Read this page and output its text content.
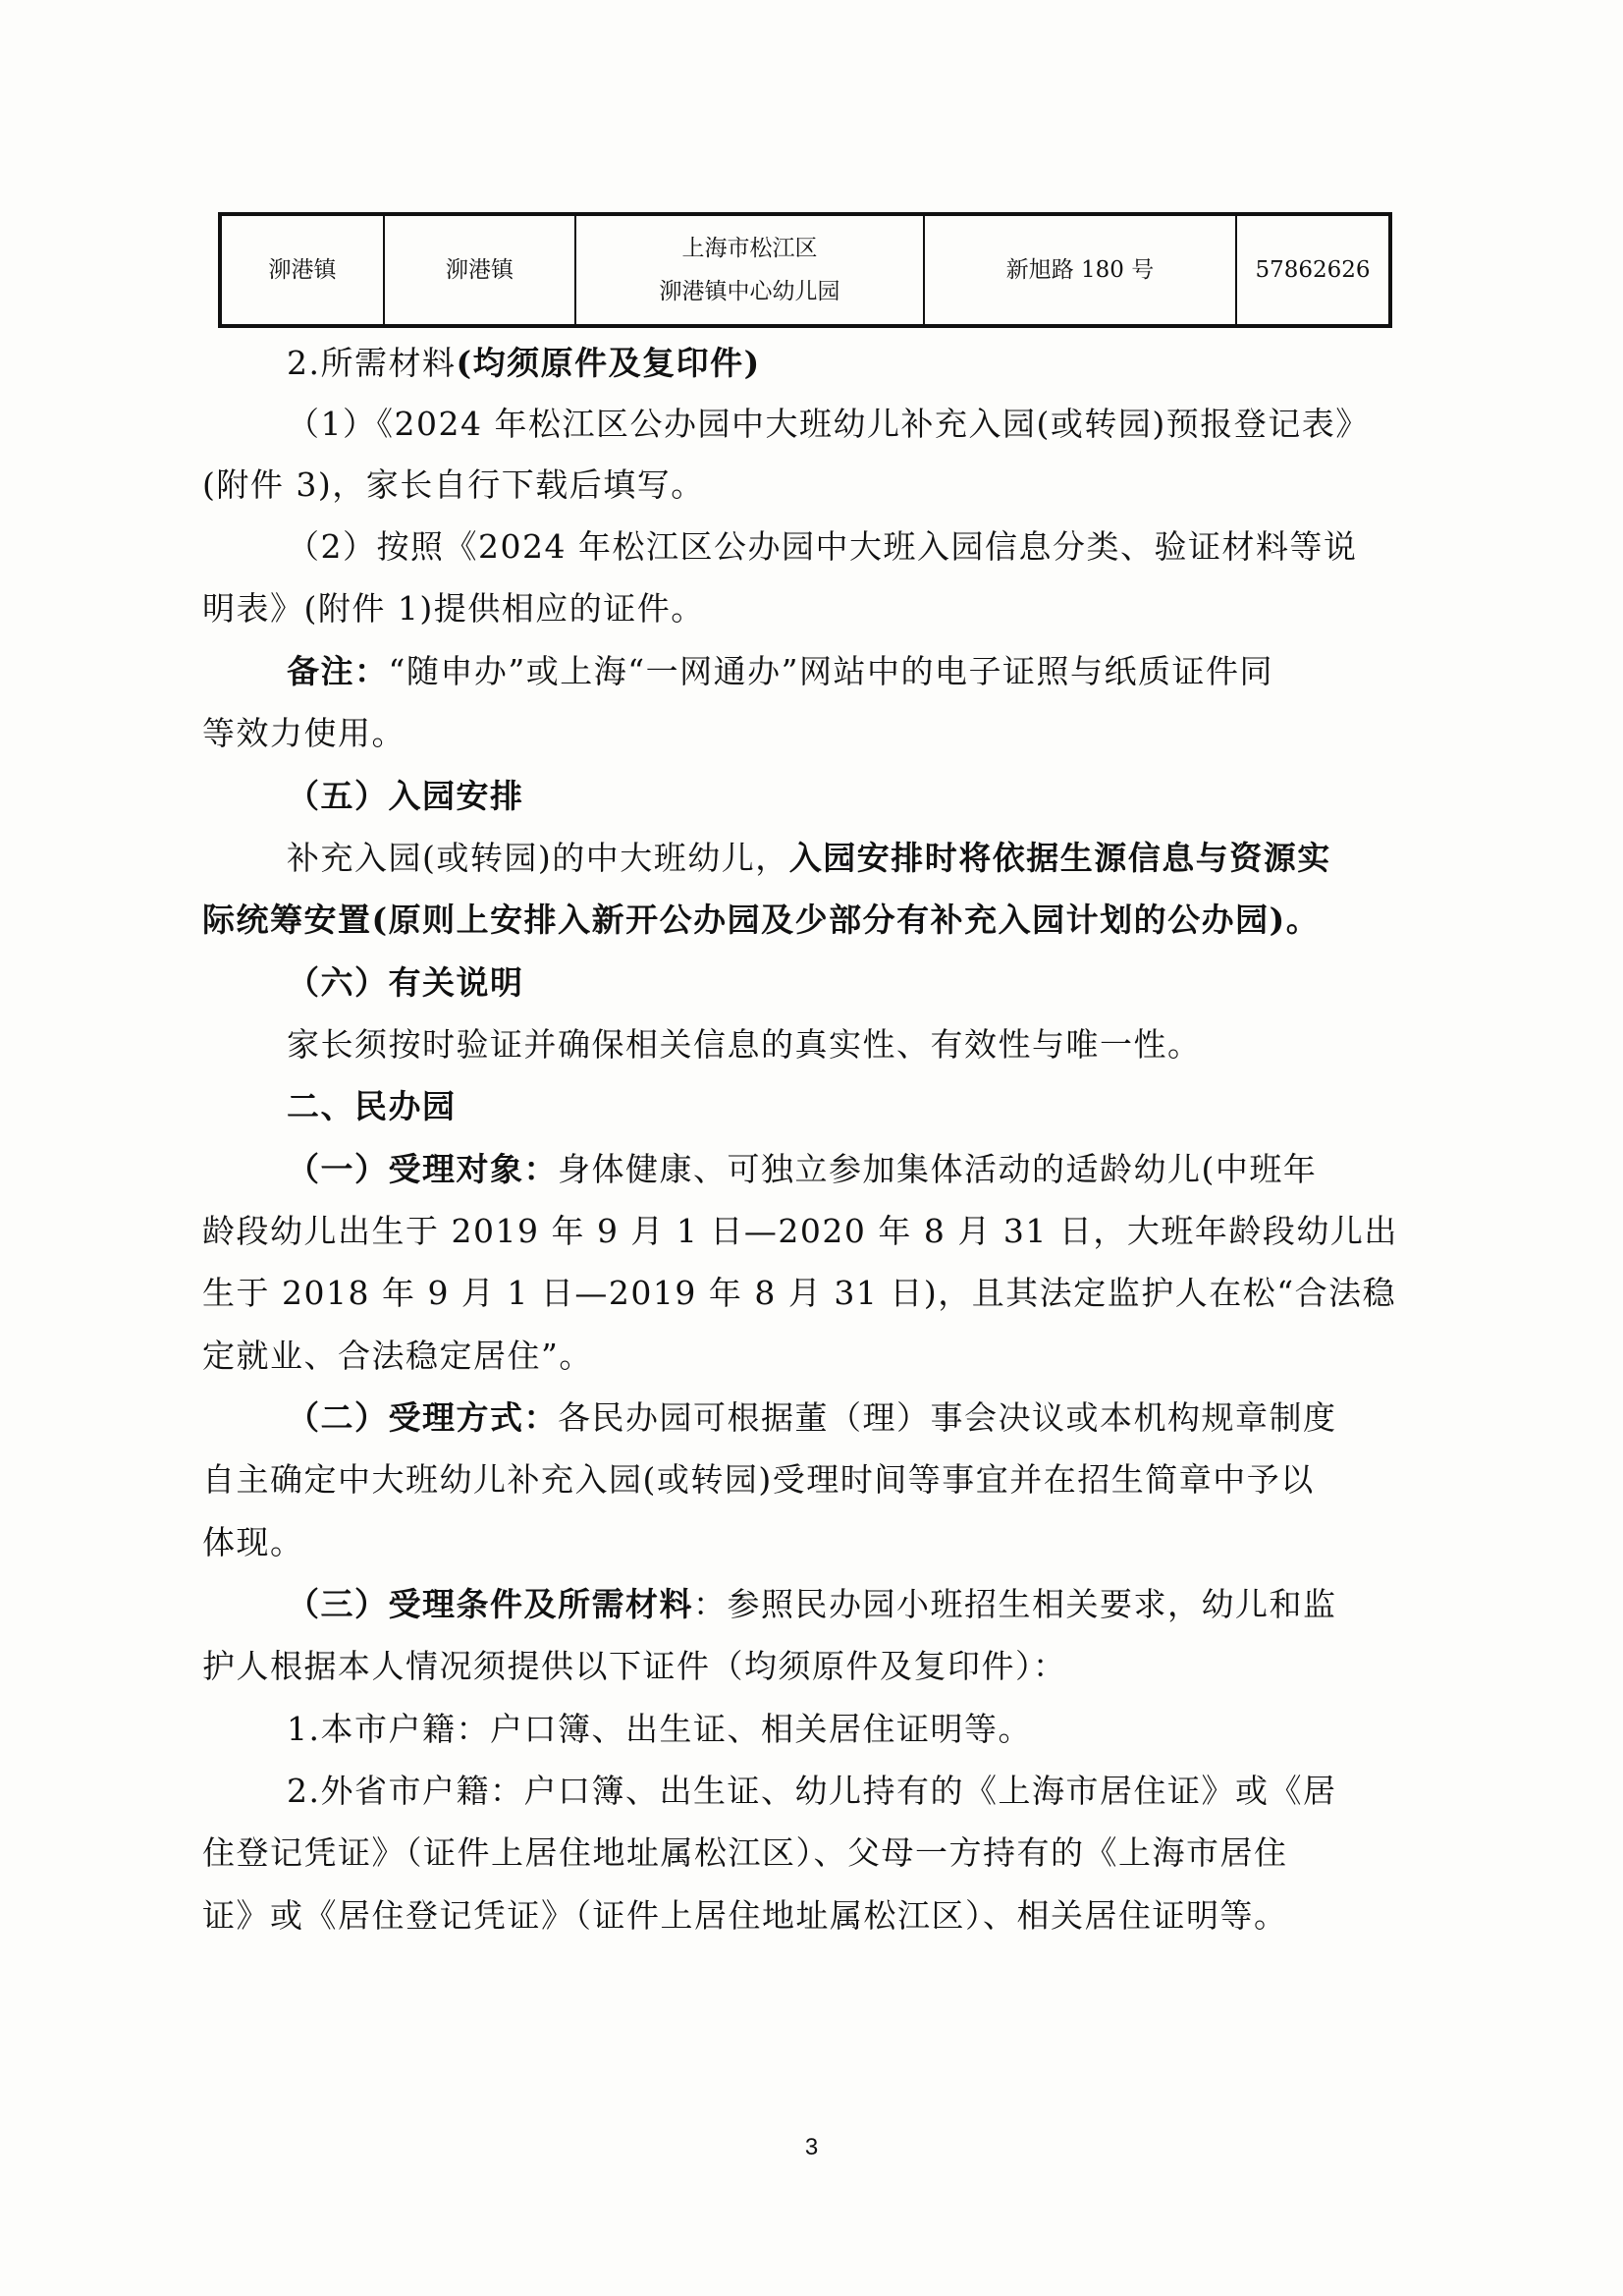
泖港镇	泖港镇
上海市松江区
泖港镇中心幼儿园
新旭路 180 号	57862626
2.所需材料(均须原件及复印件)
（1）《2024 年松江区公办园中大班幼儿补充入园(或转园)预报登记表》
(附件 3)，家长自行下载后填写。
（2）按照《2024 年松江区公办园中大班入园信息分类、验证材料等说
明表》(附件 1)提供相应的证件。
备注：“随申办”或上海“一网通办”网站中的电子证照与纸质证件同
等效力使用。
（五）入园安排
补充入园(或转园)的中大班幼儿，入园安排时将依据生源信息与资源实
际统筹安置(原则上安排入新开公办园及少部分有补充入园计划的公办园)。
（六）有关说明
家长须按时验证并确保相关信息的真实性、有效性与唯一性。
二、民办园
（一）受理对象：身体健康、可独立参加集体活动的适龄幼儿(中班年
龄段幼儿出生于 2019 年 9 月 1 日—2020 年 8 月 31 日，大班年龄段幼儿出
生于 2018 年 9 月 1 日—2019 年 8 月 31 日)，且其法定监护人在松“合法稳
定就业、合法稳定居住”。
（二）受理方式：各民办园可根据董（理）事会决议或本机构规章制度
自主确定中大班幼儿补充入园(或转园)受理时间等事宜并在招生简章中予以
体现。
（三）受理条件及所需材料：参照民办园小班招生相关要求，幼儿和监
护人根据本人情况须提供以下证件（均须原件及复印件）：
1.本市户籍：户口簿、出生证、相关居住证明等。
2.外省市户籍：户口簿、出生证、幼儿持有的《上海市居住证》或《居
住登记凭证》（证件上居住地址属松江区）、父母一方持有的《上海市居住
证》或《居住登记凭证》（证件上居住地址属松江区）、相关居住证明等。
3
